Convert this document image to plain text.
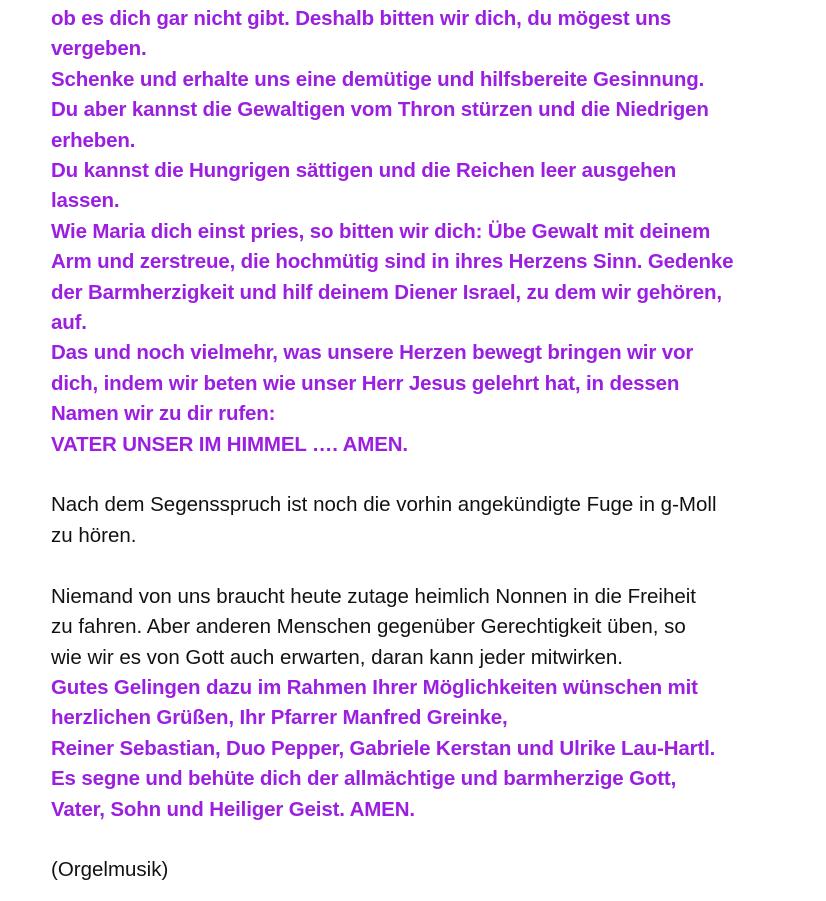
ob es dich gar nicht gibt. Deshalb bitten wir dich, du mögest uns
vergeben.
Schenke und erhalte uns eine demütige und hilfsbereite Gesinnung.
Du aber kannst die Gewaltigen vom Thron stürzen und die Niedrigen
erheben.
Du kannst die Hungrigen sättigen und die Reichen leer ausgehen
lassen.
Wie Maria dich einst pries, so bitten wir dich: Übe Gewalt mit deinem
Arm und zerstreue, die hochmütig sind in ihres Herzens Sinn. Gedenke
der Barmherzigkeit und hilf deinem Diener Israel, zu dem wir gehören,
auf.
Das und noch vielmehr, was unsere Herzen bewegt bringen wir vor
dich, indem wir beten wie unser Herr Jesus gelehrt hat, in dessen
Namen wir zu dir rufen:
VATER UNSER IM HIMMEL …. AMEN.
Nach dem Segensspruch ist noch die vorhin angekündigte Fuge in g-Moll
zu hören.
Niemand von uns braucht heute zutage heimlich Nonnen in die Freiheit
zu fahren. Aber anderen Menschen gegenüber Gerechtigkeit üben, so
wie wir es von Gott auch erwarten, daran kann jeder mitwirken.
Gutes Gelingen dazu im Rahmen Ihrer Möglichkeiten wünschen mit
herzlichen Grüßen, Ihr Pfarrer Manfred Greinke,
Reiner Sebastian, Duo Pepper, Gabriele Kerstan und Ulrike Lau-Hartl.
Es segne und behüte dich der allmächtige und barmherzige Gott,
Vater, Sohn und Heiliger Geist. AMEN.
(Orgelmusik)
